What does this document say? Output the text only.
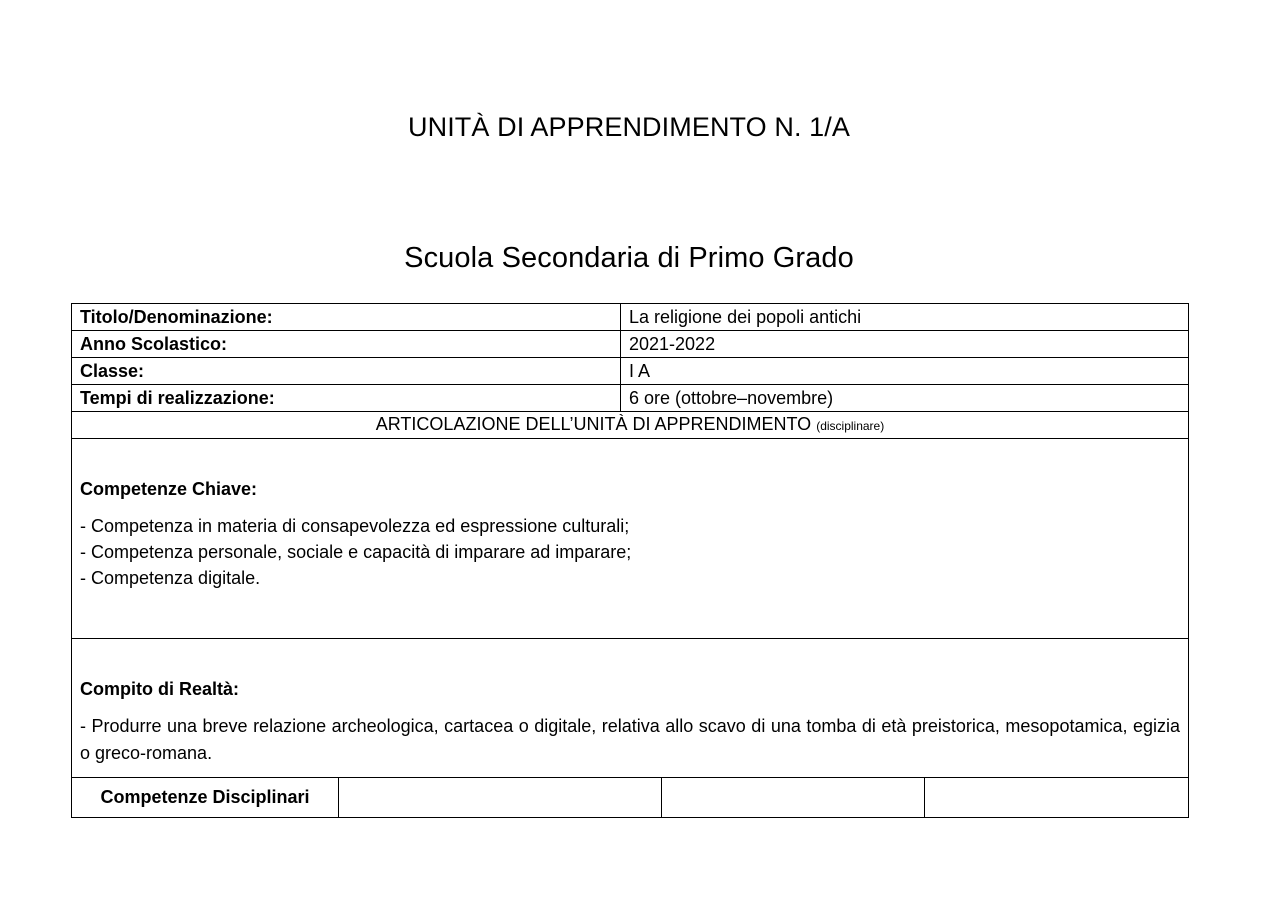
UNITÀ DI APPRENDIMENTO N. 1/A
Scuola Secondaria di Primo Grado
Titolo/Denominazione:	La religione dei popoli antichi
Anno Scolastico:	2021-2022
Classe:	I A
Tempi di realizzazione:	6 ore (ottobre–novembre)
ARTICOLAZIONE DELL’UNITÀ DI APPRENDIMENTO (disciplinare)	

Competenze Chiave:
- Competenza in materia di consapevolezza ed espressione culturali;
- Competenza personale, sociale e capacità di imparare ad imparare;
- Competenza digitale.	

Compito di Realtà:
- Produrre una breve relazione archeologica, cartacea o digitale, relativa allo scavo di una tomba di età preistorica, mesopotamica, egizia o greco-romana.	
Competenze Disciplinari			
